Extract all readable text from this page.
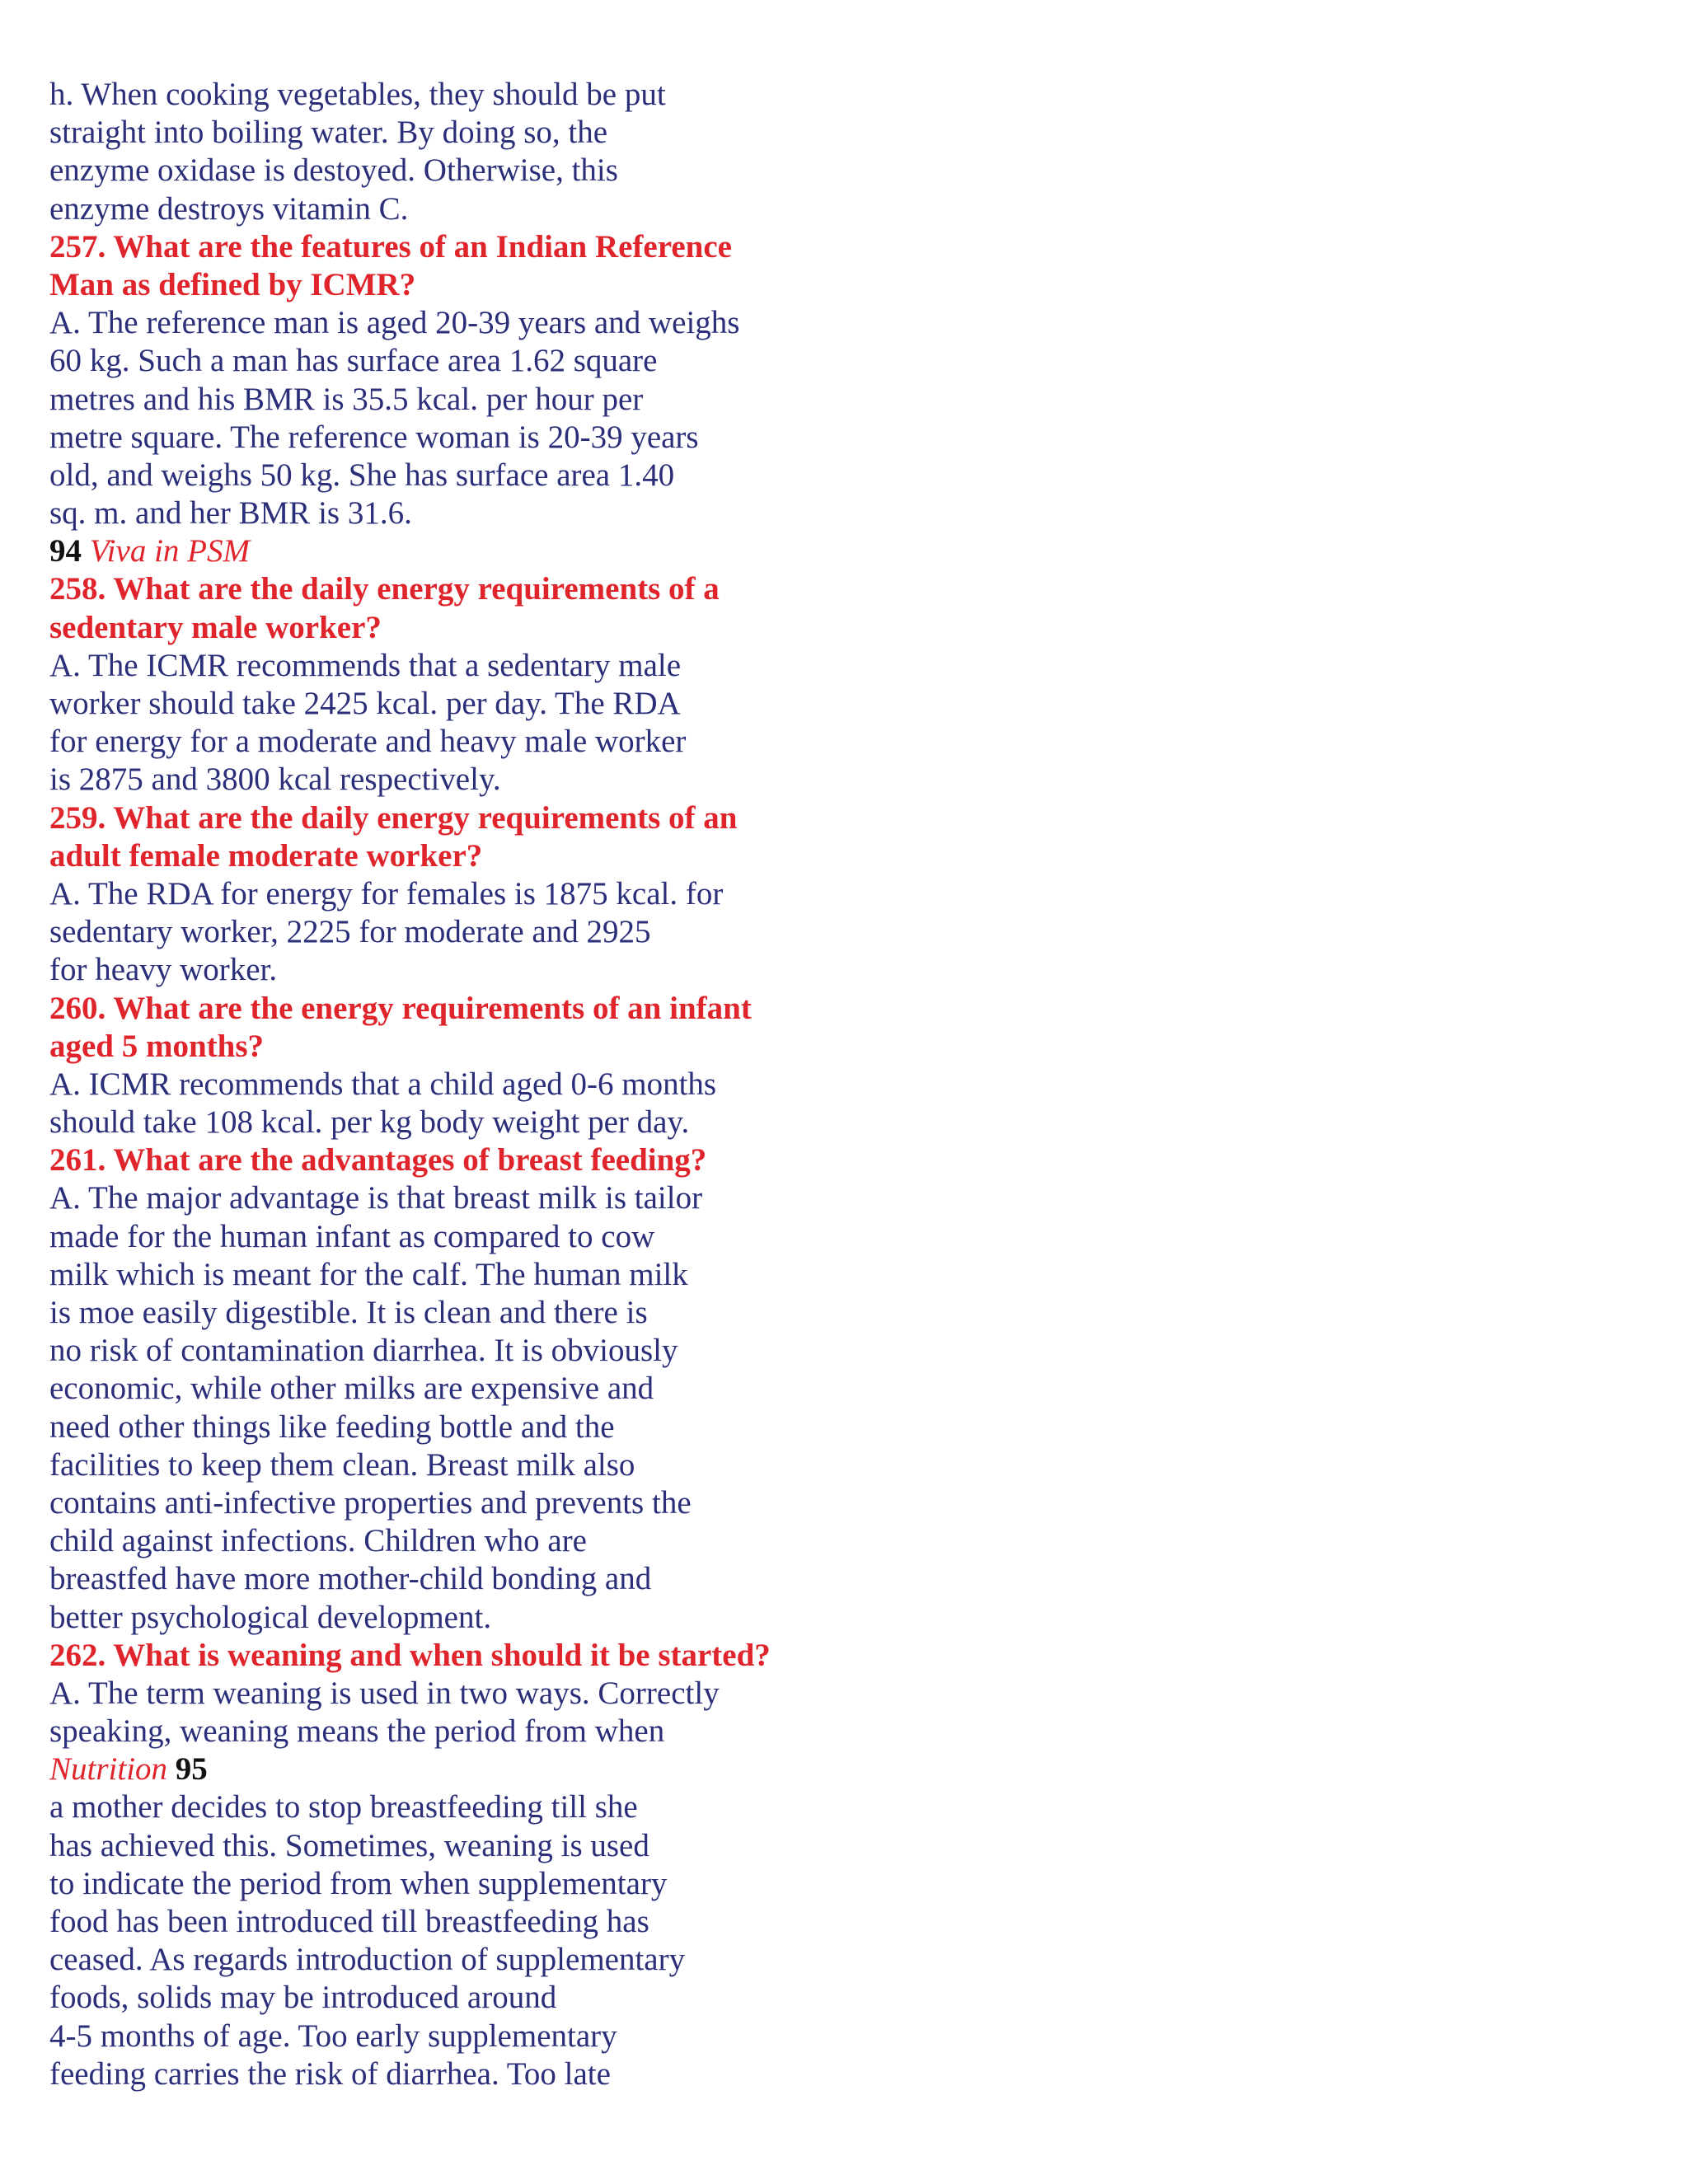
h. When cooking vegetables, they should be put
straight into boiling water. By doing so, the
enzyme oxidase is destoyed. Otherwise, this
enzyme destroys vitamin C.
257. What are the features of an Indian Reference
Man as defined by ICMR?
A. The reference man is aged 20-39 years and weighs
60 kg. Such a man has surface area 1.62 square
metres and his BMR is 35.5 kcal. per hour per
metre square. The reference woman is 20-39 years
old, and weighs 50 kg. She has surface area 1.40
sq. m. and her BMR is 31.6.
94 Viva in PSM
258. What are the daily energy requirements of a
sedentary male worker?
A. The ICMR recommends that a sedentary male
worker should take 2425 kcal. per day. The RDA
for energy for a moderate and heavy male worker
is 2875 and 3800 kcal respectively.
259. What are the daily energy requirements of an
adult female moderate worker?
A. The RDA for energy for females is 1875 kcal. for
sedentary worker, 2225 for moderate and 2925
for heavy worker.
260. What are the energy requirements of an infant
aged 5 months?
A. ICMR recommends that a child aged 0-6 months
should take 108 kcal. per kg body weight per day.
261. What are the advantages of breast feeding?
A. The major advantage is that breast milk is tailor
made for the human infant as compared to cow
milk which is meant for the calf. The human milk
is moe easily digestible. It is clean and there is
no risk of contamination diarrhea. It is obviously
economic, while other milks are expensive and
need other things like feeding bottle and the
facilities to keep them clean. Breast milk also
contains anti-infective properties and prevents the
child against infections. Children who are
breastfed have more mother-child bonding and
better psychological development.
262. What is weaning and when should it be started?
A. The term weaning is used in two ways. Correctly
speaking, weaning means the period from when
Nutrition 95
a mother decides to stop breastfeeding till she
has achieved this. Sometimes, weaning is used
to indicate the period from when supplementary
food has been introduced till breastfeeding has
ceased. As regards introduction of supplementary
foods, solids may be introduced around
4-5 months of age. Too early supplementary
feeding carries the risk of diarrhea. Too late
